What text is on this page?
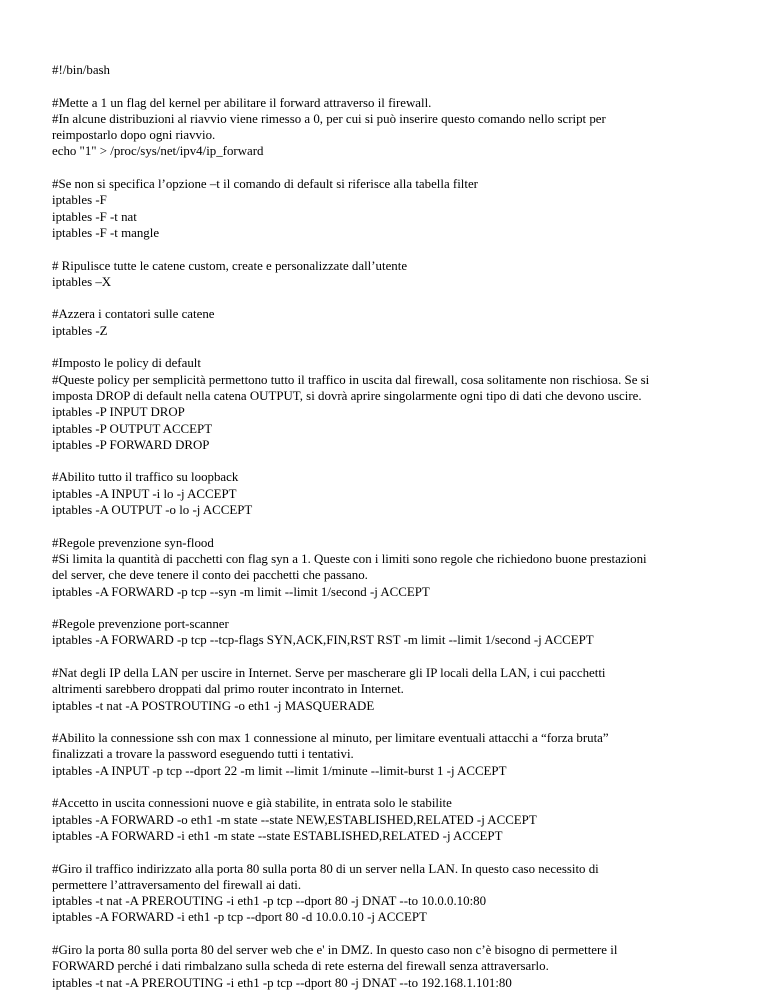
#!/bin/bash
#Mette a 1 un flag del kernel per abilitare il forward attraverso il firewall.
#In alcune distribuzioni al riavvio viene rimesso a 0, per cui si può inserire questo comando nello script per
reimpostarlo dopo ogni riavvio.
echo "1" > /proc/sys/net/ipv4/ip_forward
#Se non si specifica l’opzione –t il comando di default si riferisce alla tabella filter
iptables -F
iptables -F -t nat
iptables -F -t mangle
# Ripulisce tutte le catene custom, create e personalizzate dall’utente
iptables –X
#Azzera i contatori sulle catene
iptables -Z
#Imposto le policy di default
#Queste policy per semplicità permettono tutto il traffico in uscita dal firewall, cosa solitamente non rischiosa. Se si
imposta DROP di default nella catena OUTPUT, si dovrà aprire singolarmente ogni tipo di dati che devono uscire.
iptables -P INPUT DROP
iptables -P OUTPUT ACCEPT
iptables -P FORWARD DROP
#Abilito tutto il traffico su loopback
iptables -A INPUT -i lo -j ACCEPT
iptables -A OUTPUT -o lo -j ACCEPT
#Regole prevenzione syn-flood
#Si limita la quantità di pacchetti con flag syn a 1. Queste con i limiti sono regole che richiedono buone prestazioni
del server, che deve tenere il conto dei pacchetti che passano.
iptables -A FORWARD -p tcp --syn -m limit --limit 1/second -j ACCEPT
#Regole prevenzione port-scanner
iptables -A FORWARD -p tcp --tcp-flags SYN,ACK,FIN,RST RST -m limit --limit 1/second -j ACCEPT
#Nat degli IP della LAN per uscire in Internet. Serve per mascherare gli IP locali della LAN, i cui pacchetti
altrimenti sarebbero droppati dal primo router incontrato in Internet.
iptables -t nat -A POSTROUTING -o eth1 -j MASQUERADE
#Abilito la connessione ssh con max 1 connessione al minuto, per limitare eventuali attacchi a “forza bruta”
finalizzati a trovare la password eseguendo tutti i tentativi.
iptables -A INPUT -p tcp --dport 22 -m limit --limit 1/minute --limit-burst 1 -j ACCEPT
#Accetto in uscita connessioni nuove e già stabilite, in entrata solo le stabilite
iptables -A FORWARD -o eth1 -m state --state NEW,ESTABLISHED,RELATED -j ACCEPT
iptables -A FORWARD -i eth1 -m state --state ESTABLISHED,RELATED -j ACCEPT
#Giro il traffico indirizzato alla porta 80 sulla porta 80 di un server nella LAN. In questo caso necessito di
permettere l’attraversamento del firewall ai dati.
iptables -t nat -A PREROUTING -i eth1 -p tcp --dport 80 -j DNAT --to 10.0.0.10:80
iptables -A FORWARD -i eth1 -p tcp --dport 80 -d 10.0.0.10 -j ACCEPT
#Giro la porta 80 sulla porta 80 del server web che e' in DMZ. In questo caso non c’è bisogno di permettere il
FORWARD perché i dati rimbalzano sulla scheda di rete esterna del firewall senza attraversarlo.
iptables -t nat -A PREROUTING -i eth1 -p tcp --dport 80 -j DNAT --to 192.168.1.101:80
